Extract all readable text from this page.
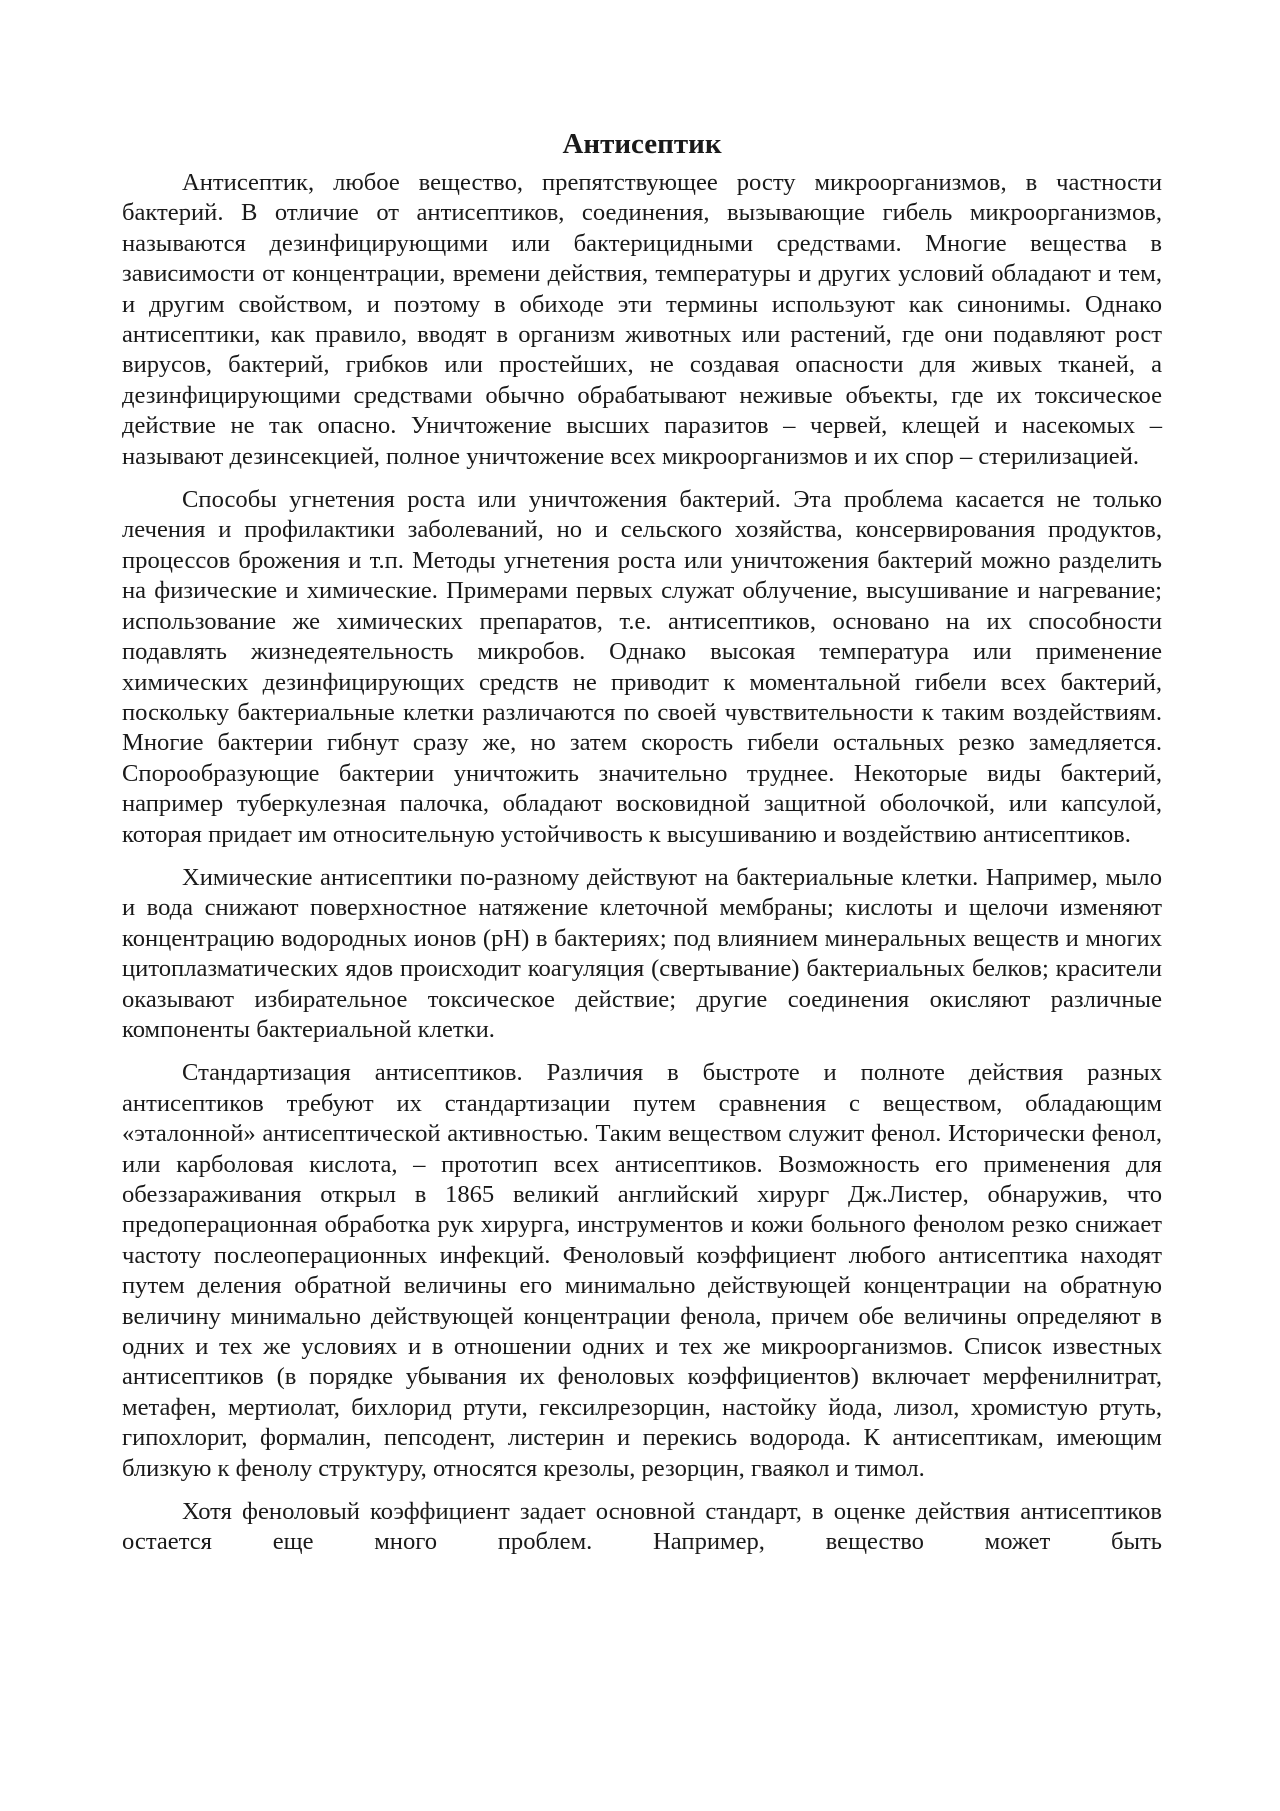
Антисептик

Антисептик, любое вещество, препятствующее росту микроорганизмов, в частности бактерий. В отличие от антисептиков, соединения, вызывающие гибель микроорганизмов, называются дезинфицирующими или бактерицидными средствами. Многие вещества в зависимости от концентрации, времени действия, температуры и других условий обладают и тем, и другим свойством, и поэтому в обиходе эти термины используют как синонимы. Однако антисептики, как правило, вводят в организм животных или растений, где они подавляют рост вирусов, бактерий, грибков или простейших, не создавая опасности для живых тканей, а дезинфицирующими средствами обычно обрабатывают неживые объекты, где их токсическое действие не так опасно. Уничтожение высших паразитов – червей, клещей и насекомых – называют дезинсекцией, полное уничтожение всех микроорганизмов и их спор – стерилизацией.

Способы угнетения роста или уничтожения бактерий. Эта проблема касается не только лечения и профилактики заболеваний, но и сельского хозяйства, консервирования продуктов, процессов брожения и т.п. Методы угнетения роста или уничтожения бактерий можно разделить на физические и химические. Примерами первых служат облучение, высушивание и нагревание; использование же химических препаратов, т.е. антисептиков, основано на их способности подавлять жизнедеятельность микробов. Однако высокая температура или применение химических дезинфицирующих средств не приводит к моментальной гибели всех бактерий, поскольку бактериальные клетки различаются по своей чувствительности к таким воздействиям. Многие бактерии гибнут сразу же, но затем скорость гибели остальных резко замедляется. Спорообразующие бактерии уничтожить значительно труднее. Некоторые виды бактерий, например туберкулезная палочка, обладают восковидной защитной оболочкой, или капсулой, которая придает им относительную устойчивость к высушиванию и воздействию антисептиков.

Химические антисептики по-разному действуют на бактериальные клетки. Например, мыло и вода снижают поверхностное натяжение клеточной мембраны; кислоты и щелочи изменяют концентрацию водородных ионов (pH) в бактериях; под влиянием минеральных веществ и многих цитоплазматических ядов происходит коагуляция (свертывание) бактериальных белков; красители оказывают избирательное токсическое действие; другие соединения окисляют различные компоненты бактериальной клетки.

Стандартизация антисептиков. Различия в быстроте и полноте действия разных антисептиков требуют их стандартизации путем сравнения с веществом, обладающим «эталонной» антисептической активностью. Таким веществом служит фенол. Исторически фенол, или карболовая кислота, – прототип всех антисептиков. Возможность его применения для обеззараживания открыл в 1865 великий английский хирург Дж.Листер, обнаружив, что предоперационная обработка рук хирурга, инструментов и кожи больного фенолом резко снижает частоту послеоперационных инфекций. Феноловый коэффициент любого антисептика находят путем деления обратной величины его минимально действующей концентрации на обратную величину минимально действующей концентрации фенола, причем обе величины определяют в одних и тех же условиях и в отношении одних и тех же микроорганизмов. Список известных антисептиков (в порядке убывания их феноловых коэффициентов) включает мерфенилнитрат, метафен, мертиолат, бихлорид ртути, гексилрезорцин, настойку йода, лизол, хромистую ртуть, гипохлорит, формалин, пепсодент, листерин и перекись водорода. К антисептикам, имеющим близкую к фенолу структуру, относятся крезолы, резорцин, гваякол и тимол.

Хотя феноловый коэффициент задает основной стандарт, в оценке действия антисептиков остается еще много проблем. Например, вещество может быть
